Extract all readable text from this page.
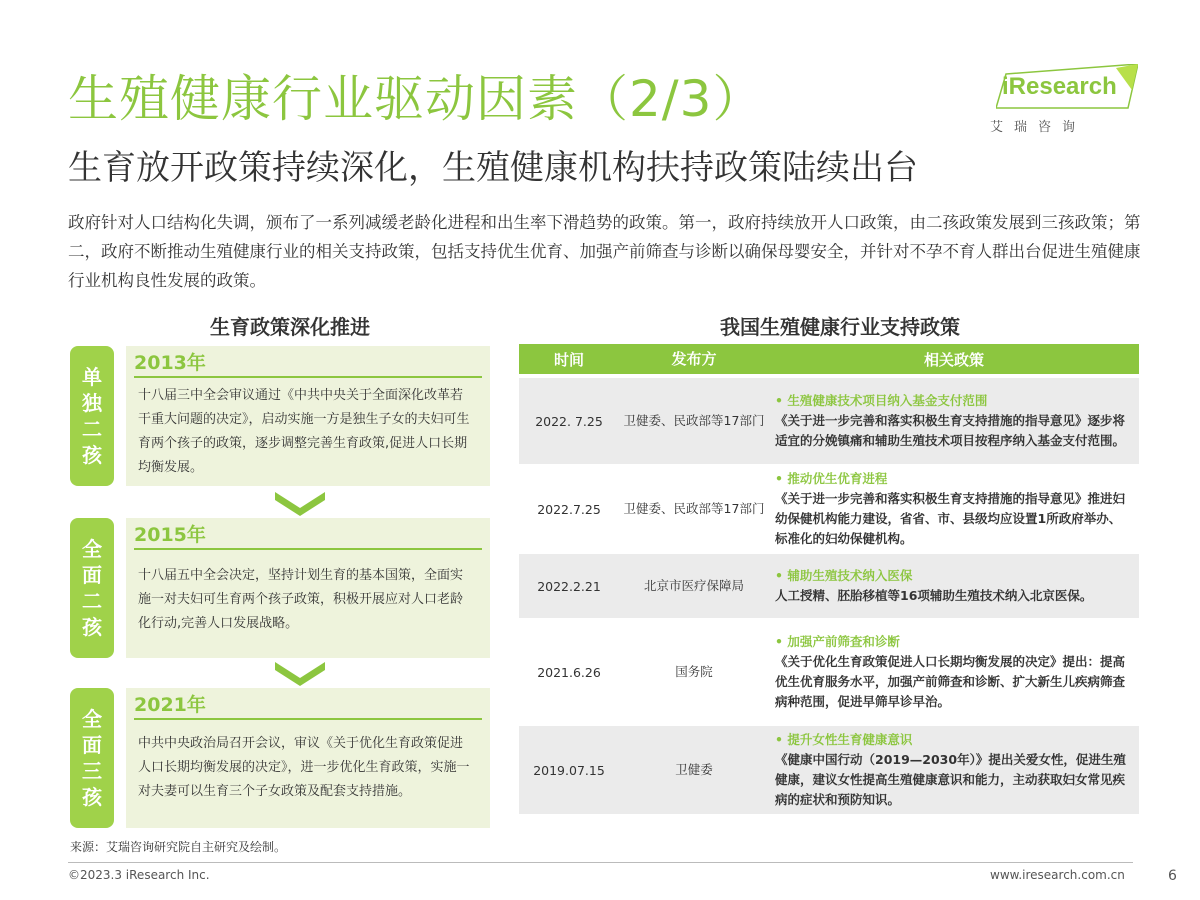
生殖健康行业驱动因素（2/3）
生育放开政策持续深化，生殖健康机构扶持政策陆续出台
iResearch
艾瑞咨询
政府针对人口结构化失调，颁布了一系列减缓老龄化进程和出生率下滑趋势的政策。第一，政府持续放开人口政策，由二孩政策发展到三孩政策；第二，政府不断推动生殖健康行业的相关支持政策，包括支持优生优育、加强产前筛查与诊断以确保母婴安全，并针对不孕不育人群出台促进生殖健康行业机构良性发展的政策。
生育政策深化推进
单独二孩
2013年
十八届三中全会审议通过《中共中央关于全面深化改革若干重大问题的决定》，启动实施一方是独生子女的夫妇可生育两个孩子的政策，逐步调整完善生育政策,促进人口长期均衡发展。
全面二孩
2015年
十八届五中全会决定，坚持计划生育的基本国策，全面实施一对夫妇可生育两个孩子政策，积极开展应对人口老龄化行动,完善人口发展战略。
全面三孩
2021年
中共中央政治局召开会议，审议《关于优化生育政策促进人口长期均衡发展的决定》，进一步优化生育政策，实施一对夫妻可以生育三个子女政策及配套支持措施。
我国生殖健康行业支持政策
时间	发布方	相关政策
2022. 7.25	卫健委、民政部等17部门	• 生殖健康技术项目纳入基金支付范围
《关于进一步完善和落实积极生育支持措施的指导意见》逐步将适宜的分娩镇痛和辅助生殖技术项目按程序纳入基金支付范围。

2022.7.25	卫健委、民政部等17部门	• 推动优生优育进程
《关于进一步完善和落实积极生育支持措施的指导意见》推进妇幼保健机构能力建设，省省、市、县级均应设置1所政府举办、标准化的妇幼保健机构。

2022.2.21	北京市医疗保障局	• 辅助生殖技术纳入医保
人工授精、胚胎移植等16项辅助生殖技术纳入北京医保。

2021.6.26	国务院	• 加强产前筛查和诊断
《关于优化生育政策促进人口长期均衡发展的决定》提出：提高优生优育服务水平，加强产前筛查和诊断、扩大新生儿疾病筛查病种范围，促进早筛早诊早治。

2019.07.15	卫健委	• 提升女性生育健康意识
《健康中国行动（2019—2030年）》提出关爱女性，促进生殖健康，建议女性提高生殖健康意识和能力，主动获取妇女常见疾病的症状和预防知识。
来源：艾瑞咨询研究院自主研究及绘制。
©2023.3 iResearch Inc.	www.iresearch.com.cn	6
